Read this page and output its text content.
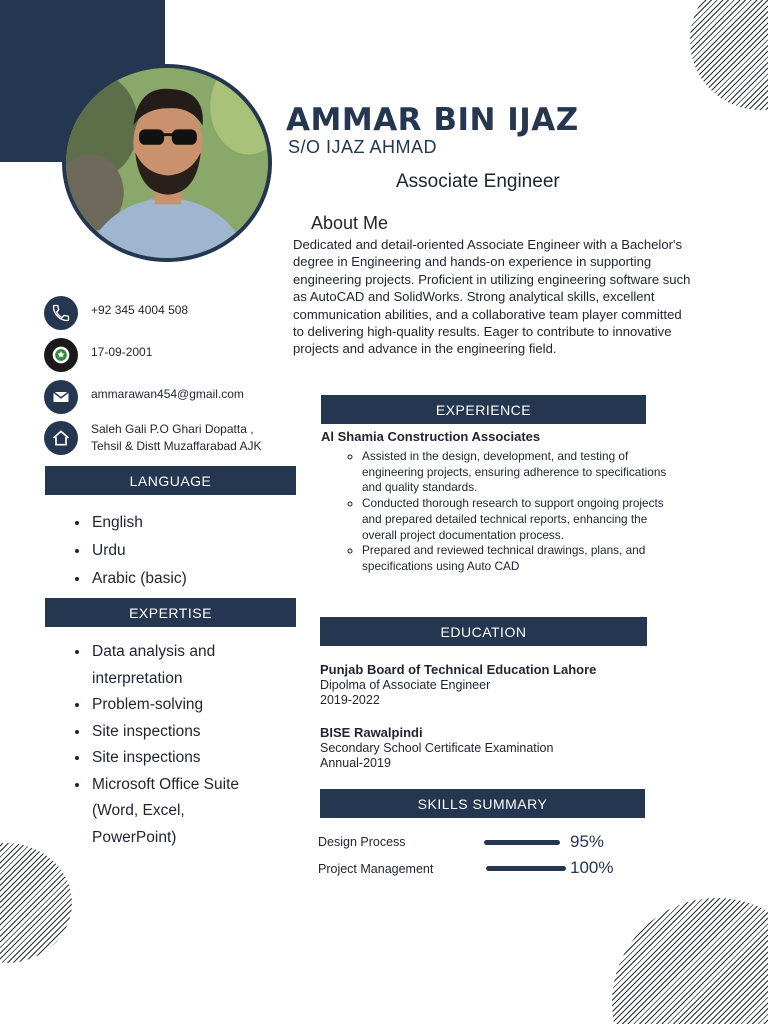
AMMAR BIN IJAZ
S/O IJAZ AHMAD
Associate Engineer
About Me

Dedicated and detail-oriented Associate Engineer with a Bachelor's degree in Engineering and hands-on experience in supporting engineering projects. Proficient in utilizing engineering software such as AutoCAD and SolidWorks. Strong analytical skills, excellent communication abilities, and a collaborative team player committed to delivering high-quality results. Eager to contribute to innovative projects and advance in the engineering field.

+92 345 4004 508
17-09-2001
ammarawan454@gmail.com
Saleh Gali P.O Ghari Dopatta ,
Tehsil & Distt Muzaffarabad AJK
LANGUAGE
• English
• Urdu
• Arabic (basic)
EXPERTISE
• Data analysis and interpretation
• Problem-solving
• Site inspections
• Site inspections
• Microsoft Office Suite (Word, Excel, PowerPoint)
EXPERIENCE
Al Shamia Construction Associates
◦ Assisted in the design, development, and testing of engineering projects, ensuring adherence to specifications and quality standards.
◦ Conducted thorough research to support ongoing projects and prepared detailed technical reports, enhancing the overall project documentation process.
◦ Prepared and reviewed technical drawings, plans, and specifications using Auto CAD
EDUCATION
Punjab Board of Technical Education Lahore
Dipolma of Associate Engineer
2019-2022
BISE Rawalpindi
Secondary School Certificate Examination
Annual-2019
SKILLS SUMMARY
Design Process	95%
Project Management	100%
